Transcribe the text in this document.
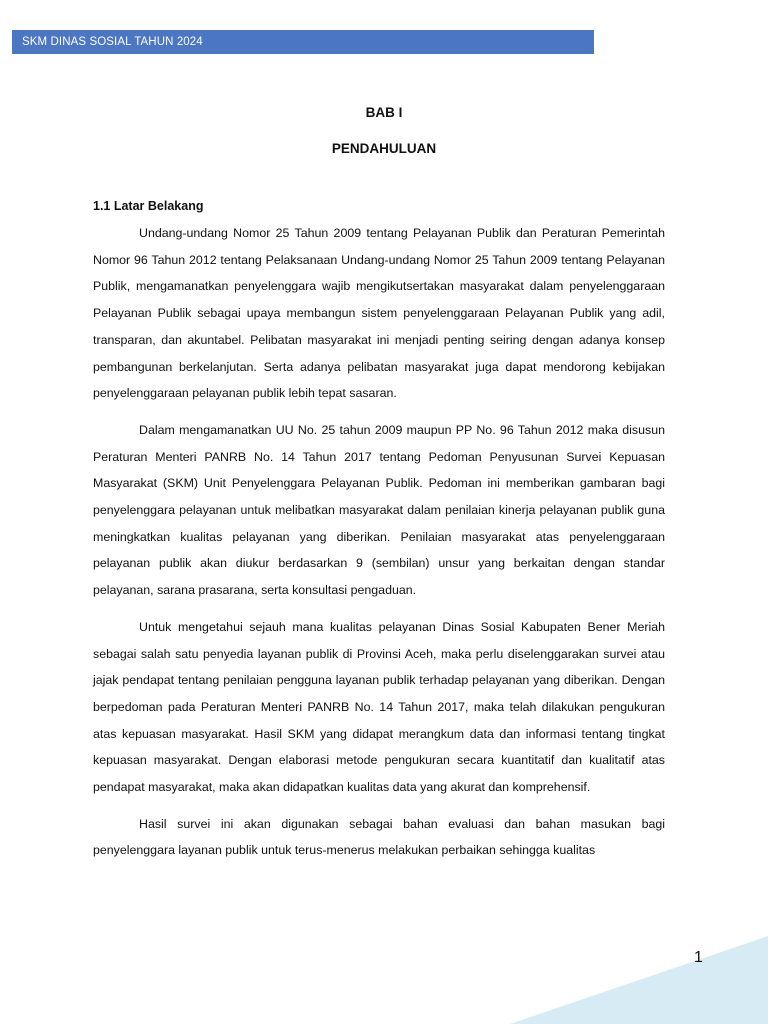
SKM DINAS SOSIAL TAHUN 2024
BAB I
PENDAHULUAN
1.1 Latar Belakang

Undang-undang Nomor 25 Tahun 2009 tentang Pelayanan Publik dan Peraturan Pemerintah Nomor 96 Tahun 2012 tentang Pelaksanaan Undang-undang Nomor 25 Tahun 2009 tentang Pelayanan Publik, mengamanatkan penyelenggara wajib mengikutsertakan masyarakat dalam penyelenggaraan Pelayanan Publik sebagai upaya membangun sistem penyelenggaraan Pelayanan Publik yang adil, transparan, dan akuntabel. Pelibatan masyarakat ini menjadi penting seiring dengan adanya konsep pembangunan berkelanjutan. Serta adanya pelibatan masyarakat juga dapat mendorong kebijakan penyelenggaraan pelayanan publik lebih tepat sasaran.

Dalam mengamanatkan UU No. 25 tahun 2009 maupun PP No. 96 Tahun 2012 maka disusun Peraturan Menteri PANRB No. 14 Tahun 2017 tentang Pedoman Penyusunan Survei Kepuasan Masyarakat (SKM) Unit Penyelenggara Pelayanan Publik. Pedoman ini memberikan gambaran bagi penyelenggara pelayanan untuk melibatkan masyarakat dalam penilaian kinerja pelayanan publik guna meningkatkan kualitas pelayanan yang diberikan. Penilaian masyarakat atas penyelenggaraan pelayanan publik akan diukur berdasarkan 9 (sembilan) unsur yang berkaitan dengan standar pelayanan, sarana prasarana, serta konsultasi pengaduan.

Untuk mengetahui sejauh mana kualitas pelayanan Dinas Sosial Kabupaten Bener Meriah sebagai salah satu penyedia layanan publik di Provinsi Aceh, maka perlu diselenggarakan survei atau jajak pendapat tentang penilaian pengguna layanan publik terhadap pelayanan yang diberikan. Dengan berpedoman pada Peraturan Menteri PANRB No. 14 Tahun 2017, maka telah dilakukan pengukuran atas kepuasan masyarakat. Hasil SKM yang didapat merangkum data dan informasi tentang tingkat kepuasan masyarakat. Dengan elaborasi metode pengukuran secara kuantitatif dan kualitatif atas pendapat masyarakat, maka akan didapatkan kualitas data yang akurat dan komprehensif.

Hasil survei ini akan digunakan sebagai bahan evaluasi dan bahan masukan bagi penyelenggara layanan publik untuk terus-menerus melakukan perbaikan sehingga kualitas

1
